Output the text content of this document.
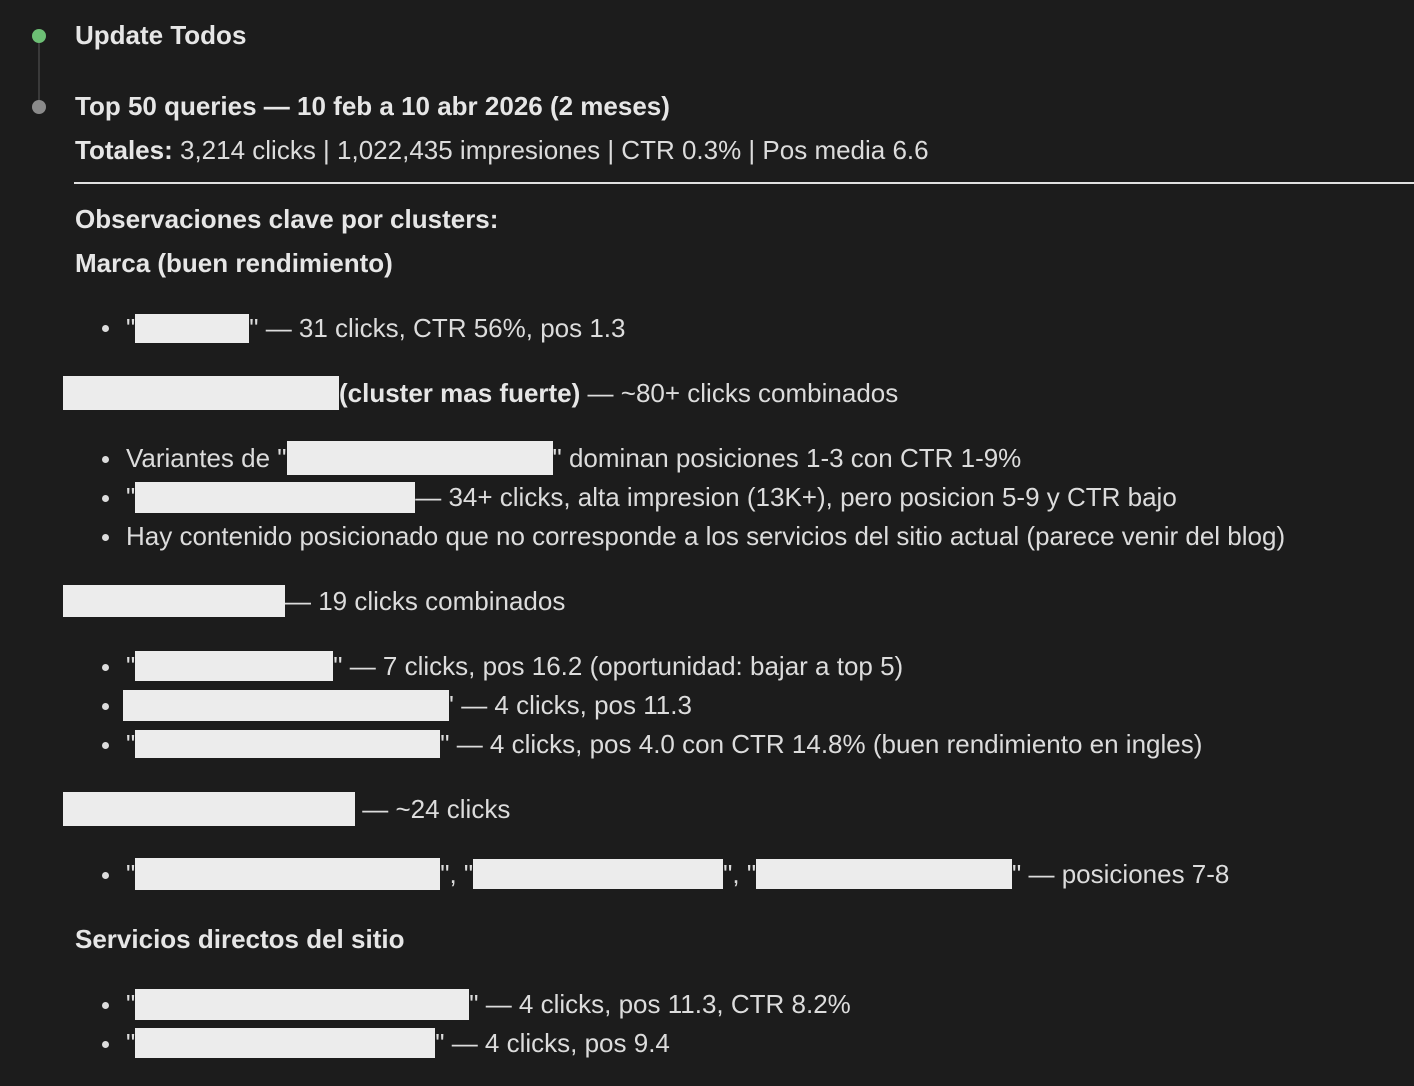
Update Todos
Top 50 queries — 10 feb a 10 abr 2026 (2 meses)
Totales: 3,214 clicks | 1,022,435 impresiones | CTR 0.3% | Pos media 6.6
Observaciones clave por clusters:
Marca (buen rendimiento)
"	" — 31 clicks, CTR 56%, pos 1.3
(cluster mas fuerte) — ~80+ clicks combinados
Variantes de "	" dominan posiciones 1-3 con CTR 1-9%
"	— 34+ clicks, alta impresion (13K+), pero posicion 5-9 y CTR bajo
Hay contenido posicionado que no corresponde a los servicios del sitio actual (parece venir del blog)
— 19 clicks combinados
"	" — 7 clicks, pos 16.2 (oportunidad: bajar a top 5)
' — 4 clicks, pos 11.3
"	" — 4 clicks, pos 4.0 con CTR 14.8% (buen rendimiento en ingles)
— ~24 clicks
"	", "	", "	" — posiciones 7-8
Servicios directos del sitio
"	" — 4 clicks, pos 11.3, CTR 8.2%
"	" — 4 clicks, pos 9.4
